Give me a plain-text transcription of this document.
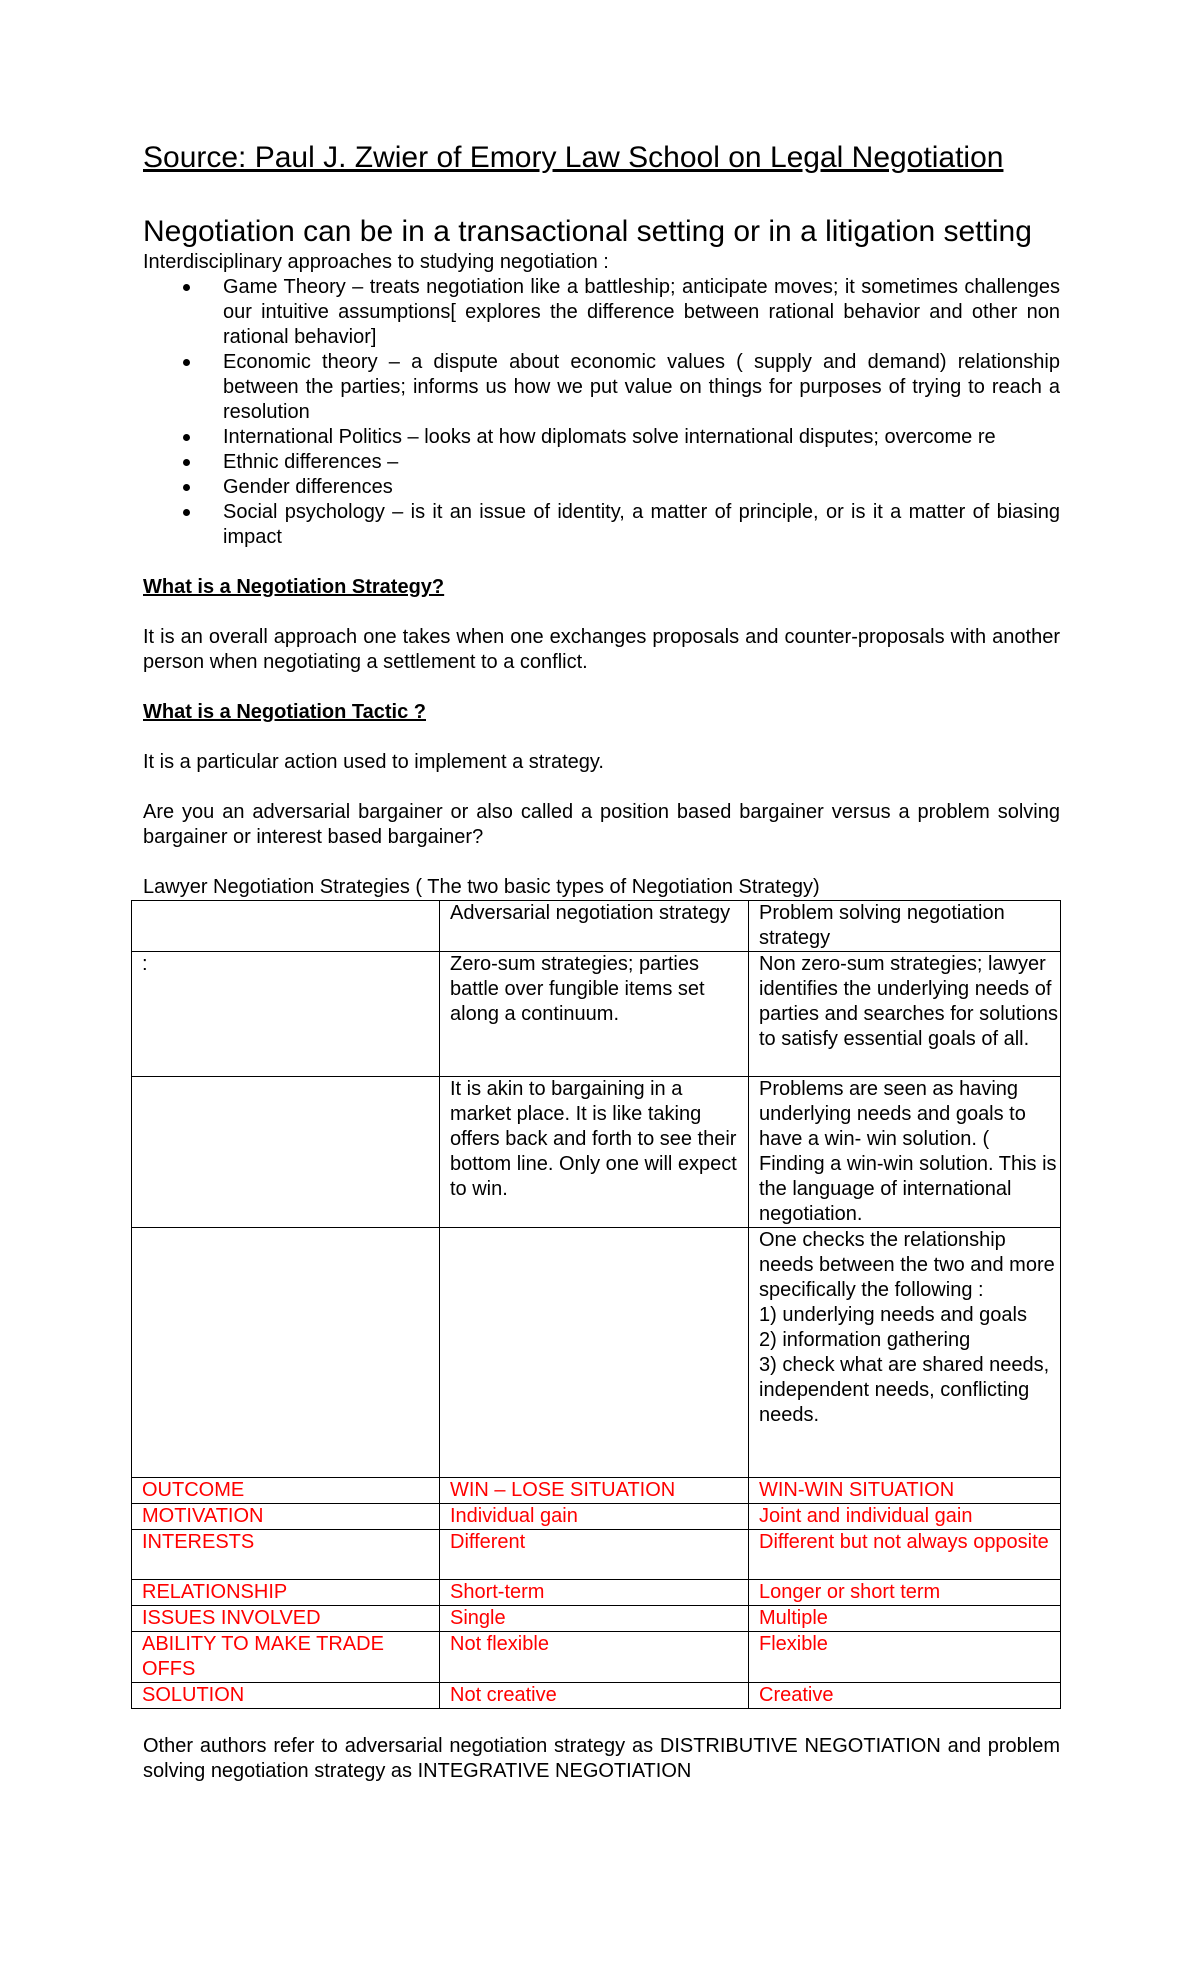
Source: Paul J. Zwier of Emory Law School on Legal Negotiation

Negotiation can be in a transactional setting or in a litigation setting

Interdisciplinary approaches to studying negotiation :

Game Theory – treats negotiation like a battleship; anticipate moves; it sometimes challenges our intuitive assumptions[ explores the difference between rational behavior and other non rational behavior]
Economic theory – a dispute about economic values ( supply and demand) relationship between the parties; informs us how we put value on things for purposes of trying to reach a resolution
International Politics – looks at how diplomats solve international disputes; overcome re
Ethnic differences –
Gender differences
Social psychology – is it an issue of identity, a matter of principle, or is it a matter of biasing impact

What is a Negotiation Strategy?

It is an overall approach one takes when one exchanges proposals and counter-proposals with another person when negotiating a settlement to a conflict.

What is a Negotiation Tactic ?

It is a particular action used to implement a strategy.

Are you an adversarial bargainer or also called a position based bargainer versus a problem solving bargainer or interest based bargainer?

Lawyer Negotiation Strategies ( The two basic types of Negotiation Strategy)

	Adversarial negotiation strategy	Problem solving negotiation strategy
:	Zero-sum strategies; parties battle over fungible items set along a continuum.	Non zero-sum strategies; lawyer identifies the underlying needs of parties and searches for solutions to satisfy essential goals of all.
	It is akin to bargaining in a market place. It is like taking offers back and forth to see their bottom line. Only one will expect to win.	Problems are seen as having underlying needs and goals to have a win- win solution. ( Finding a win-win solution. This is the language of international negotiation.
		One checks the relationship needs between the two and more specifically the following :
1) underlying needs and goals
2) information gathering
3) check what are shared needs, independent needs, conflicting needs.
OUTCOME	WIN – LOSE SITUATION	WIN-WIN SITUATION
MOTIVATION	Individual gain	Joint and individual gain
INTERESTS	Different	Different but not always opposite
RELATIONSHIP	Short-term	Longer or short term
ISSUES INVOLVED	Single	Multiple
ABILITY TO MAKE TRADE OFFS	Not flexible	Flexible
SOLUTION	Not creative	Creative

Other authors refer to adversarial negotiation strategy as DISTRIBUTIVE NEGOTIATION and problem solving negotiation strategy as INTEGRATIVE NEGOTIATION
